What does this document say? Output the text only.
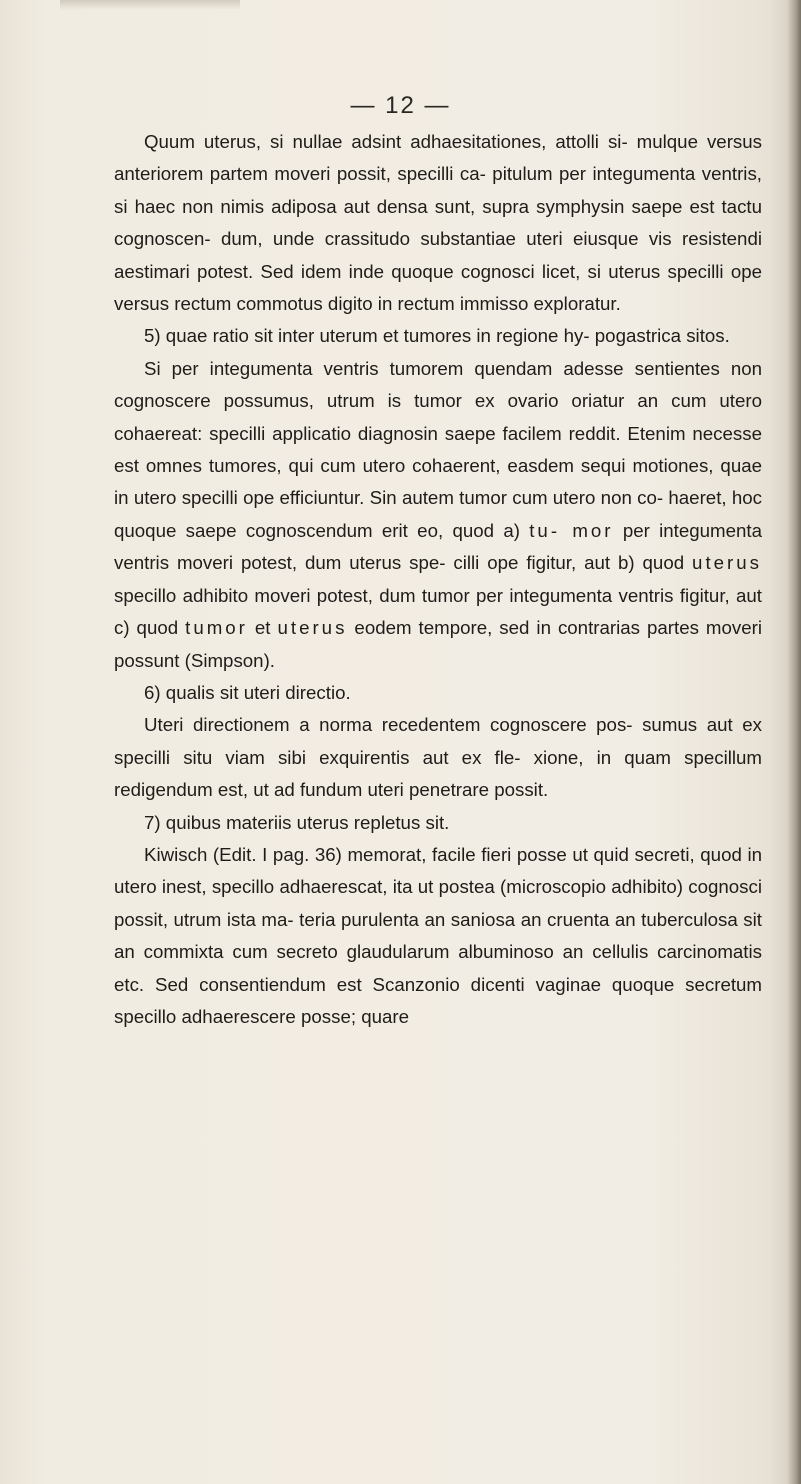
— 12 —

Quum uterus, si nullae adsint adhaesitationes, attolli si- mulque versus anteriorem partem moveri possit, specilli ca- pitulum per integumenta ventris, si haec non nimis adiposa aut densa sunt, supra symphysin saepe est tactu cognoscen- dum, unde crassitudo substantiae uteri eiusque vis resistendi aestimari potest. Sed idem inde quoque cognosci licet, si uterus specilli ope versus rectum commotus digito in rectum immisso exploratur.

5) quae ratio sit inter uterum et tumores in regione hy- pogastrica sitos.

Si per integumenta ventris tumorem quendam adesse sentientes non cognoscere possumus, utrum is tumor ex ovario oriatur an cum utero cohaereat: specilli applicatio diagnosin saepe facilem reddit. Etenim necesse est omnes tumores, qui cum utero cohaerent, easdem sequi motiones, quae in utero specilli ope efficiuntur. Sin autem tumor cum utero non co- haeret, hoc quoque saepe cognoscendum erit eo, quod a) tu- mor per integumenta ventris moveri potest, dum uterus spe- cilli ope figitur, aut b) quod uterus specillo adhibito moveri potest, dum tumor per integumenta ventris figitur, aut c) quod tumor et uterus eodem tempore, sed in contrarias partes moveri possunt (Simpson).

6) qualis sit uteri directio.

Uteri directionem a norma recedentem cognoscere pos- sumus aut ex specilli situ viam sibi exquirentis aut ex fle- xione, in quam specillum redigendum est, ut ad fundum uteri penetrare possit.

7) quibus materiis uterus repletus sit.

Kiwisch (Edit. I pag. 36) memorat, facile fieri posse ut quid secreti, quod in utero inest, specillo adhaerescat, ita ut postea (microscopio adhibito) cognosci possit, utrum ista ma- teria purulenta an saniosa an cruenta an tuberculosa sit an commixta cum secreto glaudularum albuminoso an cellulis carcinomatis etc. Sed consentiendum est Scanzonio dicenti vaginae quoque secretum specillo adhaerescere posse; quare
